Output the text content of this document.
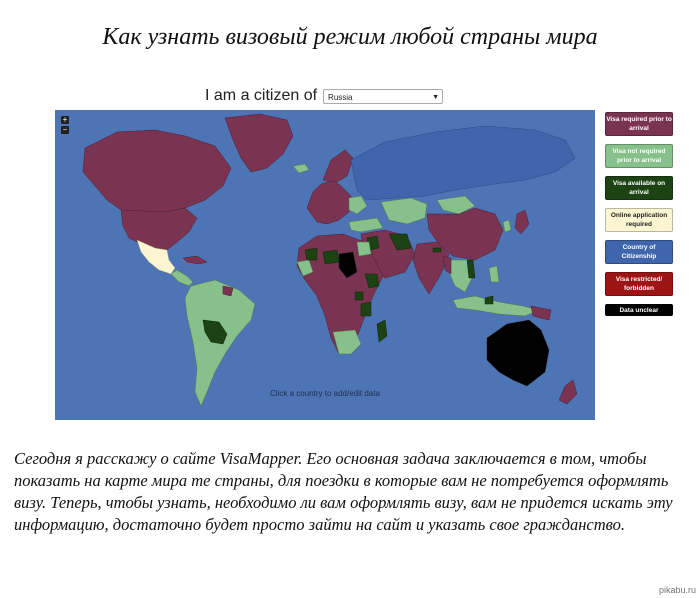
Как узнать визовый режим любой страны мира
I am a citizen of	Russia	▼
+
−
Click a country to add/edit data
Visa required prior to arrival
Visa not required prior to arrival
Visa available on arrival
Online application required
Country of Citizenship
Visa restricted/ forbidden
Data unclear
Сегодня я расскажу о сайте VisaMapper. Его основная задача заключается в том, чтобы показать на карте мира те страны, для поездки в которые вам не потребуется оформлять визу. Теперь, чтобы узнать, необходимо ли вам оформлять визу, вам не придется искать эту информацию, достаточно будет просто зайти на сайт и указать свое гражданство.
pikabu.ru
